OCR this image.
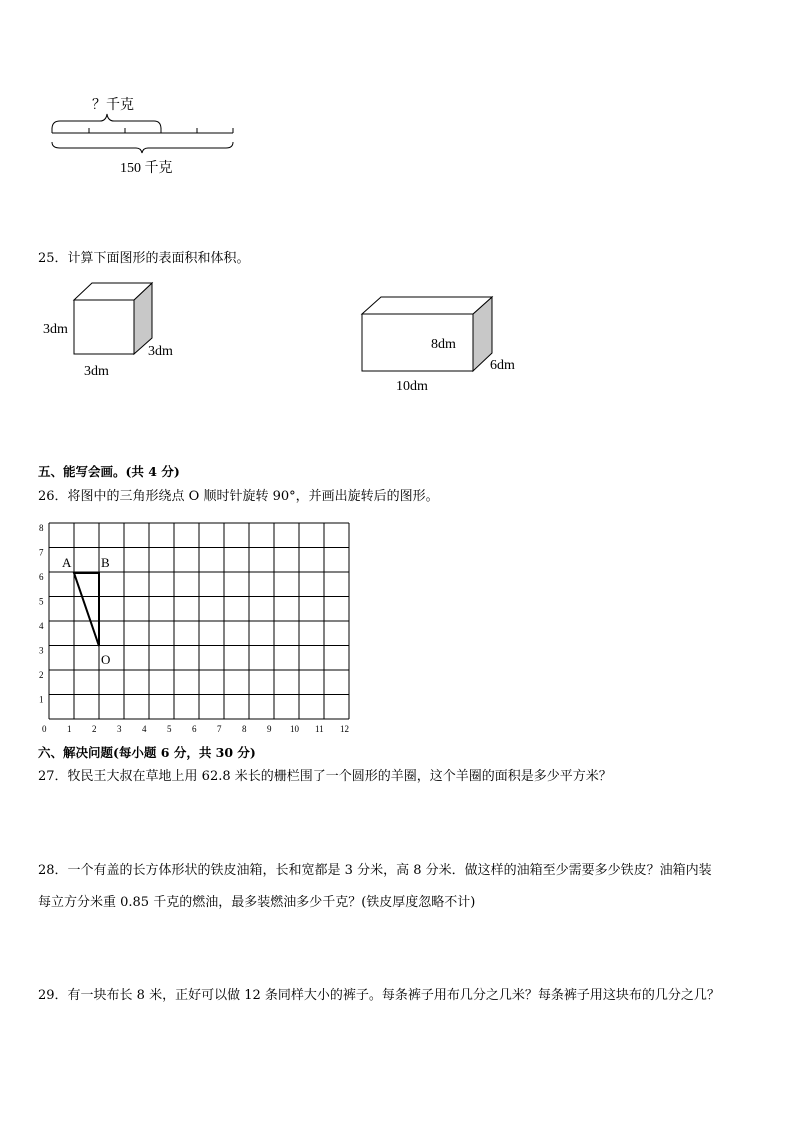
？千克
150 千克
25．计算下面图形的表面积和体积。
3dm
3dm
3dm
8dm
6dm
10dm
五、能写会画。(共 4 分)
26．将图中的三角形绕点 O 顺时针旋转 90°，并画出旋转后的图形。
0 1 2 3 4 5 6 7 8 9 10 11 12
1
2
3
4
5
6
7
8
A B
O
六、解决问题(每小题 6 分，共 30 分)
27．牧民王大叔在草地上用 62.8 米长的栅栏围了一个圆形的羊圈，这个羊圈的面积是多少平方米？
28．一个有盖的长方体形状的铁皮油箱，长和宽都是 3 分米，高 8 分米．做这样的油箱至少需要多少铁皮？油箱内装
每立方分米重 0.85 千克的燃油，最多装燃油多少千克？(铁皮厚度忽略不计)
29．有一块布长 8 米，正好可以做 12 条同样大小的裤子。每条裤子用布几分之几米？每条裤子用这块布的几分之几？
